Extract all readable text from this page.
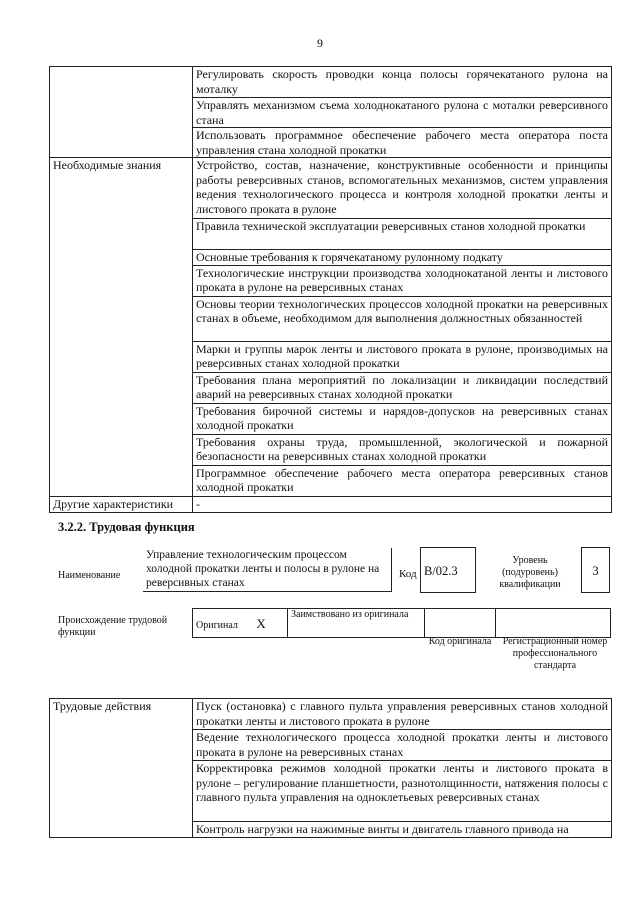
9
	Регулировать скорость проводки конца полосы горячекатаного рулона на моталку
	Управлять механизмом съема холоднокатаного рулона с моталки реверсивного стана
	Использовать программное обеспечение рабочего места оператора поста управления стана холодной прокатки
Необходимые знания	Устройство, состав, назначение, конструктивные особенности и принципы работы реверсивных станов, вспомогательных механизмов, систем управления ведения технологического процесса и контроля холодной прокатки ленты и листового проката в рулоне
	Правила технической эксплуатации реверсивных станов холодной прокатки
	Основные требования к горячекатаному рулонному подкату
	Технологические инструкции производства холоднокатаной ленты и листового проката в рулоне на реверсивных станах
	Основы теории технологических процессов холодной прокатки на реверсивных станах в объеме, необходимом для выполнения должностных обязанностей
	Марки и группы марок ленты и листового проката в рулоне, производимых на реверсивных станах холодной прокатки
	Требования плана мероприятий по локализации и ликвидации последствий аварий на реверсивных станах холодной прокатки
	Требования бирочной системы и нарядов-допусков на реверсивных станах холодной прокатки
	Требования охраны труда, промышленной, экологической и пожарной безопасности на реверсивных станах холодной прокатки
	Программное обеспечение рабочего места оператора реверсивных станов холодной прокатки
Другие характеристики	-
3.2.2. Трудовая функция
Наименование
Управление технологическим процессом холодной прокатки ленты и полосы в рулоне на реверсивных станах
Код В/02.3
Уровень (подуровень) квалификации
3
Происхождение трудовой функции
Оригинал X
Заимствовано из оригинала
Код оригинала	Регистрационный номер профессионального стандарта
Трудовые действия	Пуск (остановка) с главного пульта управления реверсивных станов холодной прокатки ленты и листового проката в рулоне
Ведение технологического процесса холодной прокатки ленты и листового проката в рулоне на реверсивных станах
Корректировка режимов холодной прокатки ленты и листового проката в рулоне – регулирование планшетности, разнотолщинности, натяжения полосы с главного пульта управления на одноклетьевых реверсивных станах
Контроль нагрузки на нажимные винты и двигатель главного привода на
